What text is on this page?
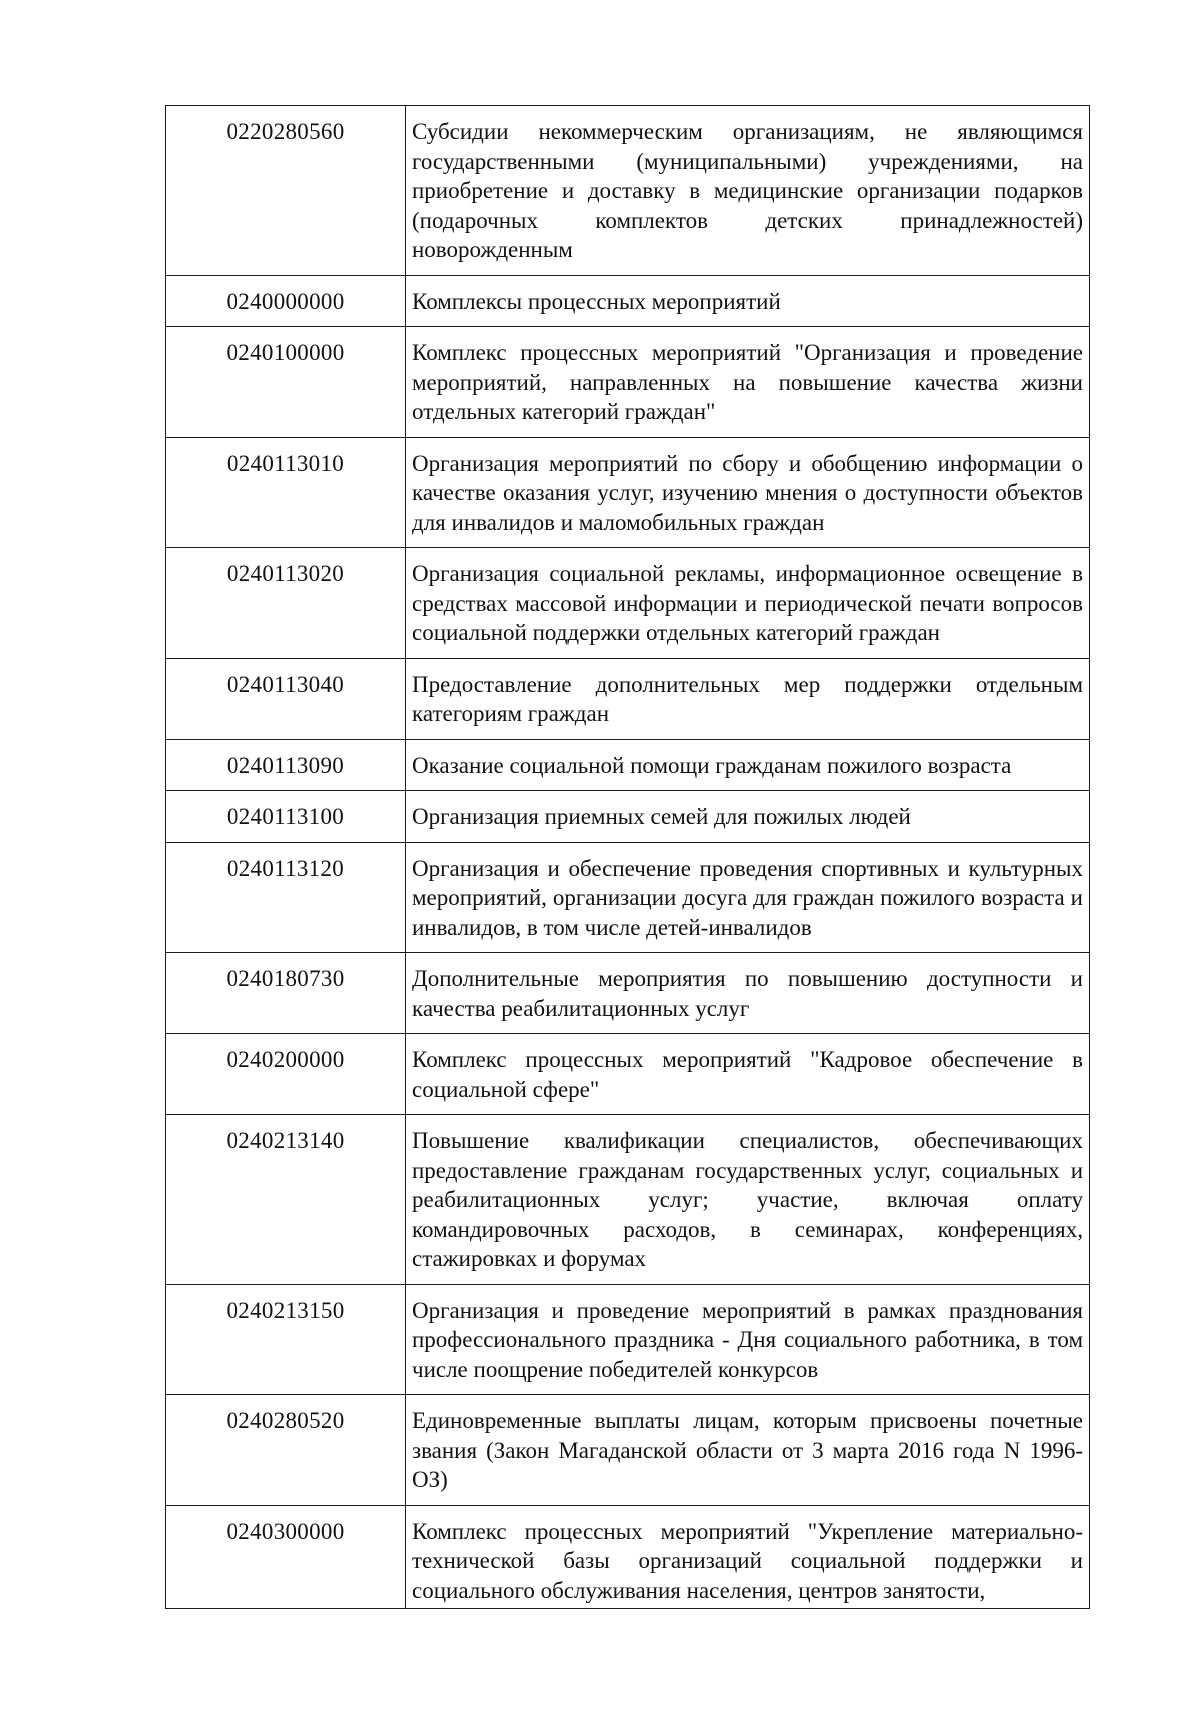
0220280560	Субсидии некоммерческим организациям, не являющимся государственными (муниципальными) учреждениями, на приобретение и доставку в медицинские организации подарков (подарочных комплектов детских принадлежностей) новорожденным
0240000000	Комплексы процессных мероприятий
0240100000	Комплекс процессных мероприятий "Организация и проведение мероприятий, направленных на повышение качества жизни отдельных категорий граждан"
0240113010	Организация мероприятий по сбору и обобщению информации о качестве оказания услуг, изучению мнения о доступности объектов для инвалидов и маломобильных граждан
0240113020	Организация социальной рекламы, информационное освещение в средствах массовой информации и периодической печати вопросов социальной поддержки отдельных категорий граждан
0240113040	Предоставление дополнительных мер поддержки отдельным категориям граждан
0240113090	Оказание социальной помощи гражданам пожилого возраста
0240113100	Организация приемных семей для пожилых людей
0240113120	Организация и обеспечение проведения спортивных и культурных мероприятий, организации досуга для граждан пожилого возраста и инвалидов, в том числе детей-инвалидов
0240180730	Дополнительные мероприятия по повышению доступности и качества реабилитационных услуг
0240200000	Комплекс процессных мероприятий "Кадровое обеспечение в социальной сфере"
0240213140	Повышение квалификации специалистов, обеспечивающих предоставление гражданам государственных услуг, социальных и реабилитационных услуг; участие, включая оплату командировочных расходов, в семинарах, конференциях, стажировках и форумах
0240213150	Организация и проведение мероприятий в рамках празднования профессионального праздника - Дня социального работника, в том числе поощрение победителей конкурсов
0240280520	Единовременные выплаты лицам, которым присвоены почетные звания (Закон Магаданской области от 3 марта 2016 года N 1996-ОЗ)
0240300000	Комплекс процессных мероприятий "Укрепление материально-технической базы организаций социальной поддержки и социального обслуживания населения, центров занятости,
